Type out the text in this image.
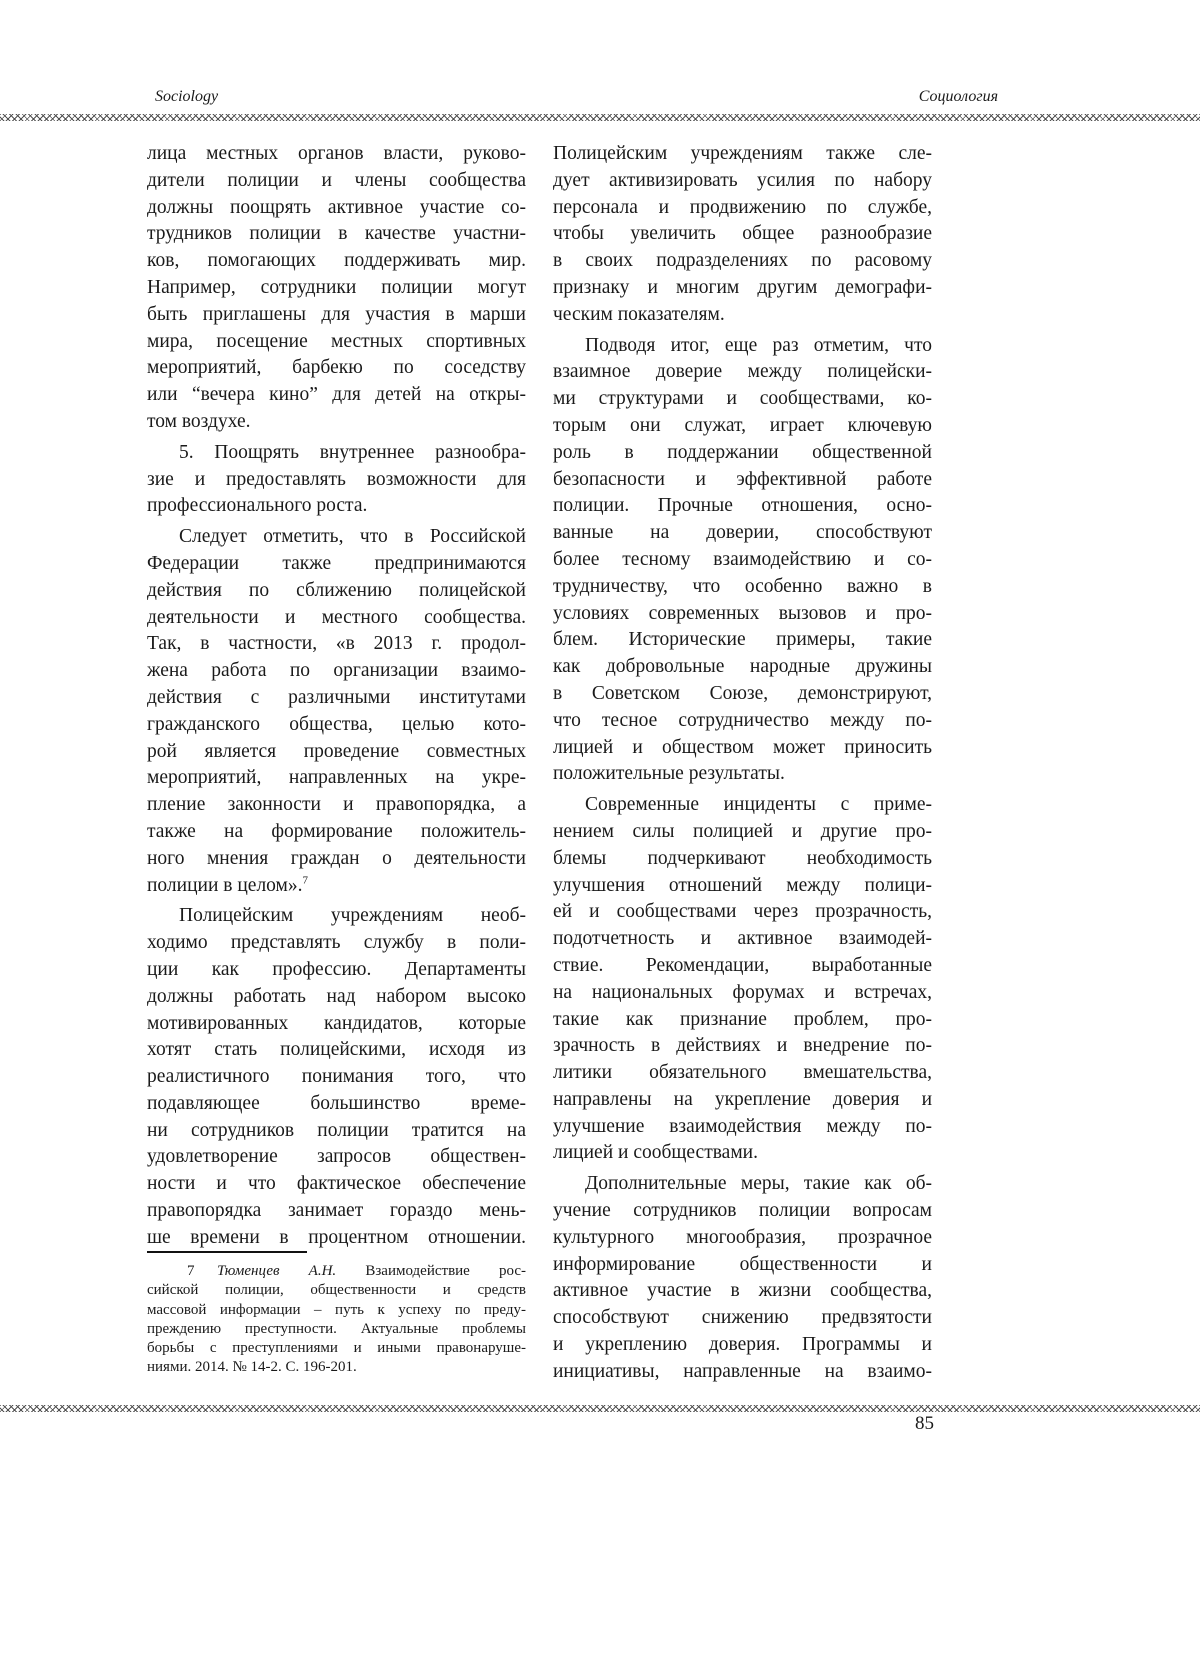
Sociology	Социология
лица местных органов власти, руково-
дители полиции и члены сообщества
должны поощрять активное участие со-
трудников полиции в качестве участни-
ков, помогающих поддерживать мир.
Например, сотрудники полиции могут
быть приглашены для участия в марши
мира, посещение местных спортивных
мероприятий, барбекю по соседству
или “вечера кино” для детей на откры-
том воздухе.
5. Поощрять внутреннее разнообра-
зие и предоставлять возможности для
профессионального роста.
Следует отметить, что в Российской
Федерации также предпринимаются
действия по сближению полицейской
деятельности и местного сообщества.
Так, в частности, «в 2013 г. продол-
жена работа по организации взаимо-
действия с различными институтами
гражданского общества, целью кото-
рой является проведение совместных
мероприятий, направленных на укре-
пление законности и правопорядка, а
также на формирование положитель-
ного мнения граждан о деятельности
полиции в целом».7
Полицейским учреждениям необ-
ходимо представлять службу в поли-
ции как профессию. Департаменты
должны работать над набором высоко
мотивированных кандидатов, которые
хотят стать полицейскими, исходя из
реалистичного понимания того, что
подавляющее большинство време-
ни сотрудников полиции тратится на
удовлетворение запросов обществен-
ности и что фактическое обеспечение
правопорядка занимает гораздо мень-
ше времени в процентном отношении.
Полицейским учреждениям также сле-
дует активизировать усилия по набору
персонала и продвижению по службе,
чтобы увеличить общее разнообразие
в своих подразделениях по расовому
признаку и многим другим демографи-
ческим показателям.
Подводя итог, еще раз отметим, что
взаимное доверие между полицейски-
ми структурами и сообществами, ко-
торым они служат, играет ключевую
роль в поддержании общественной
безопасности и эффективной работе
полиции. Прочные отношения, осно-
ванные на доверии, способствуют
более тесному взаимодействию и со-
трудничеству, что особенно важно в
условиях современных вызовов и про-
блем. Исторические примеры, такие
как добровольные народные дружины
в Советском Союзе, демонстрируют,
что тесное сотрудничество между по-
лицией и обществом может приносить
положительные результаты.
Современные инциденты с приме-
нением силы полицией и другие про-
блемы подчеркивают необходимость
улучшения отношений между полици-
ей и сообществами через прозрачность,
подотчетность и активное взаимодей-
ствие. Рекомендации, выработанные
на национальных форумах и встречах,
такие как признание проблем, про-
зрачность в действиях и внедрение по-
литики обязательного вмешательства,
направлены на укрепление доверия и
улучшение взаимодействия между по-
лицией и сообществами.
Дополнительные меры, такие как об-
учение сотрудников полиции вопросам
культурного многообразия, прозрачное
информирование общественности и
активное участие в жизни сообщества,
способствуют снижению предвзятости
и укреплению доверия. Программы и
инициативы, направленные на взаимо-
7 Тюменцев А.Н. Взаимодействие рос-
сийской полиции, общественности и средств
массовой информации – путь к успеху по преду-
преждению преступности. Актуальные проблемы
борьбы с преступлениями и иными правонаруше-
ниями. 2014. № 14-2. С. 196-201.
85
